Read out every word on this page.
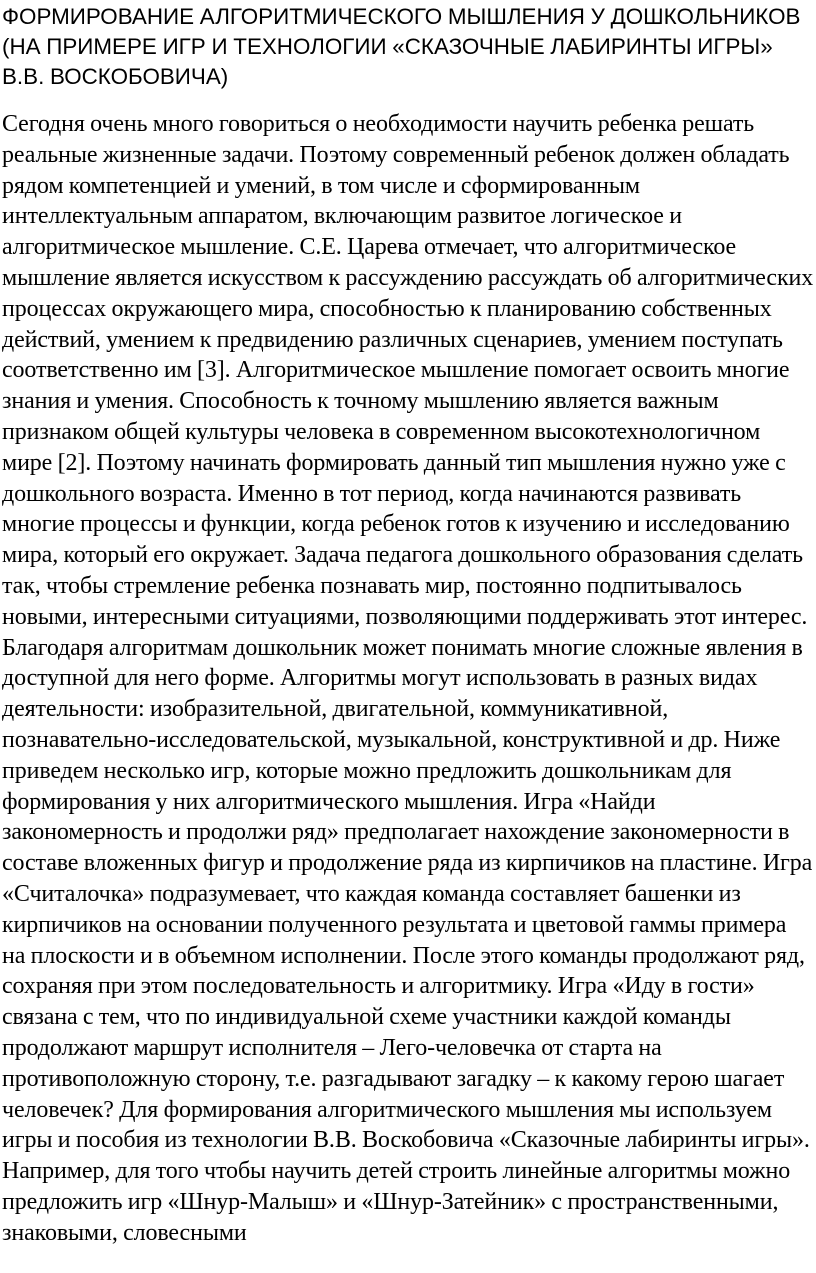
ФОРМИРОВАНИЕ АЛГОРИТМИЧЕСКОГО МЫШЛЕНИЯ У ДОШКОЛЬНИКОВ (НА ПРИМЕРЕ ИГР И ТЕХНОЛОГИИ «СКАЗОЧНЫЕ ЛАБИРИНТЫ ИГРЫ» В.В. ВОСКОБОВИЧА)

Сегодня очень много говориться о необходимости научить ребенка решать реальные жизненные задачи. Поэтому современный ребенок должен обладать рядом компетенцией и умений, в том числе и сформированным интеллектуальным аппаратом, включающим развитое логическое и алгоритмическое мышление. С.Е. Царева отмечает, что алгоритмическое мышление является искусством к рассуждению рассуждать об алгоритмических процессах окружающего мира, способностью к планированию собственных действий, умением к предвидению различных сценариев, умением поступать соответственно им [3]. Алгоритмическое мышление помогает освоить многие знания и умения. Способность к точному мышлению является важным признаком общей культуры человека в современном высокотехнологичном мире [2]. Поэтому начинать формировать данный тип мышления нужно уже с дошкольного возраста. Именно в тот период, когда начинаются развивать многие процессы и функции, когда ребенок готов к изучению и исследованию мира, который его окружает. Задача педагога дошкольного образования сделать так, чтобы стремление ребенка познавать мир, постоянно подпитывалось новыми, интересными ситуациями, позволяющими поддерживать этот интерес. Благодаря алгоритмам дошкольник может понимать многие сложные явления в доступной для него форме. Алгоритмы могут использовать в разных видах деятельности: изобразительной, двигательной, коммуникативной, познавательно-исследовательской, музыкальной, конструктивной и др. Ниже приведем несколько игр, которые можно предложить дошкольникам для формирования у них алгоритмического мышления. Игра «Найди закономерность и продолжи ряд» предполагает нахождение закономерности в составе вложенных фигур и продолжение ряда из кирпичиков на пластине. Игра «Считалочка» подразумевает, что каждая команда составляет башенки из кирпичиков на основании полученного результата и цветовой гаммы примера на плоскости и в объемном исполнении. После этого команды продолжают ряд, сохраняя при этом последовательность и алгоритмику. Игра «Иду в гости» связана с тем, что по индивидуальной схеме участники каждой команды продолжают маршрут исполнителя – Лего-человечка от старта на противоположную сторону, т.е. разгадывают загадку – к какому герою шагает человечек? Для формирования алгоритмического мышления мы используем игры и пособия из технологии В.В. Воскобовича «Сказочные лабиринты игры». Например, для того чтобы научить детей строить линейные алгоритмы можно предложить игр «Шнур-Малыш» и «Шнур-Затейник» с пространственными, знаковыми, словесными
